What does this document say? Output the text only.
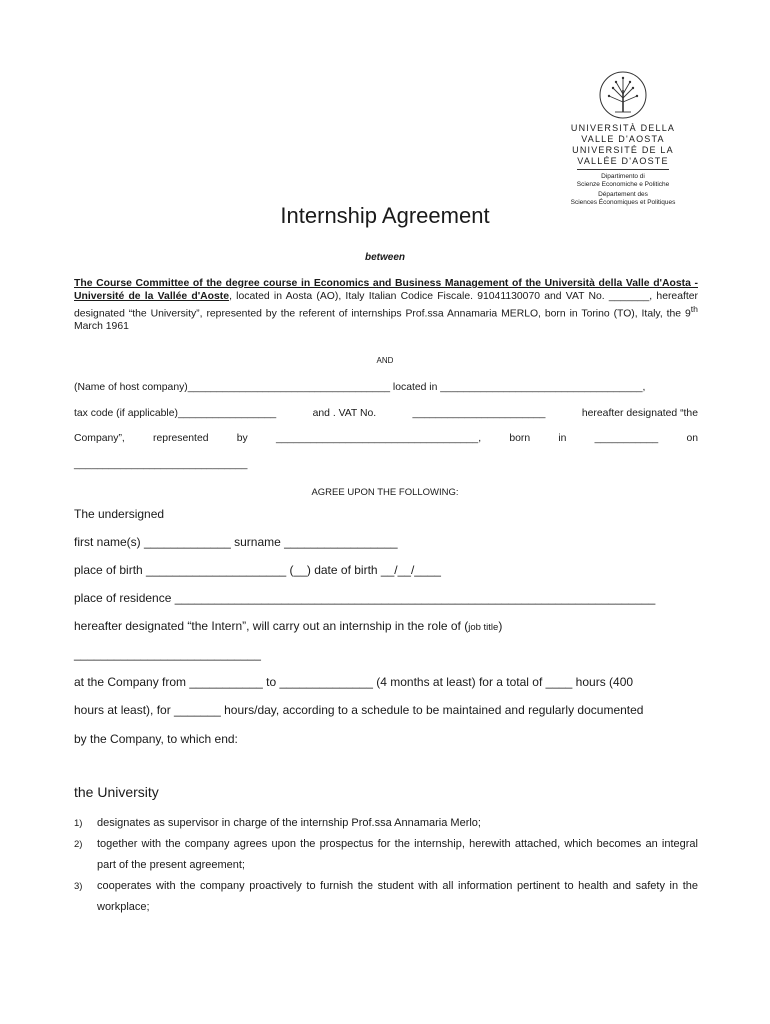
UNIVERSITÀ DELLA
VALLE D'AOSTA
UNIVERSITÉ DE LA
VALLÉE D'AOSTE
Dipartimento di
Scienze Economiche e Politiche
Département des
Sciences Économiques et Politiques
Internship Agreement
between
The Course Committee of the degree course in Economics and Business Management of the Università della Valle d'Aosta - Université de la Vallée d'Aoste, located in Aosta (AO), Italy Italian Codice Fiscale. 91041130070 and VAT No. _______, hereafter designated “the University”, represented by the referent of internships Prof.ssa Annamaria MERLO, born in Torino (TO), Italy, the 9th March 1961
AND
(Name of host company)___________________________________ located in ___________________________________,
tax code (if applicable)_________________	and . VAT No.	_______________________	hereafter designated “the
Company”,	represented	by	___________________________________,	born	in	___________	on
______________________________
AGREE UPON THE FOLLOWING:
The undersigned
first name(s) _____________ surname _________________
place of birth _____________________ (__) date of birth __/__/____
place of residence ________________________________________________________________________
hereafter designated “the Intern”, will carry out an internship in the role of (job title)
____________________________
at the Company from ___________ to ______________ (4 months at least) for a total of ____ hours (400
hours at least), for _______ hours/day, according to a schedule to be maintained and regularly documented
by the Company, to which end:
the University
1)	designates as supervisor in charge of the internship Prof.ssa Annamaria Merlo;
2)	together with the company agrees upon the prospectus for the internship, herewith attached, which becomes an integral part of the present agreement;
3)	cooperates with the company proactively to furnish the student with all information pertinent to health and safety in the workplace;
